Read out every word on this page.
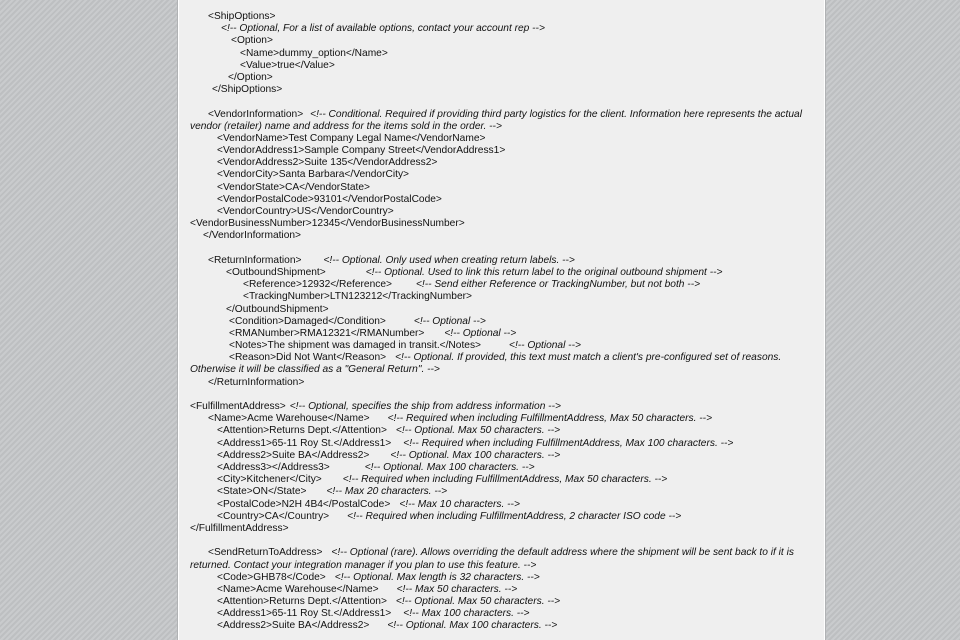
<ShipOptions>
<!-- Optional, For a list of available options, contact your account rep -->
<Option>
<Name>dummy_option</Name>
<Value>true</Value>
</Option>
</ShipOptions>
<VendorInformation> <!-- Conditional. Required if providing third party logistics for the client. Information here represents the actual vendor (retailer) name and address for the items sold in the order. -->
<VendorName>Test Company Legal Name</VendorName>
<VendorAddress1>Sample Company Street</VendorAddress1>
<VendorAddress2>Suite 135</VendorAddress2>
<VendorCity>Santa Barbara</VendorCity>
<VendorState>CA</VendorState>
<VendorPostalCode>93101</VendorPostalCode>
<VendorCountry>US</VendorCountry>
<VendorBusinessNumber>12345</VendorBusinessNumber>
</VendorInformation>
<ReturnInformation> <!-- Optional. Only used when creating return labels. -->
<OutboundShipment>	<!-- Optional. Used to link this return label to the original outbound shipment -->
<Reference>12932</Reference> <!-- Send either Reference or TrackingNumber, but not both -->
<TrackingNumber>LTN123212</TrackingNumber>
</OutboundShipment>
<Condition>Damaged</Condition>	<!-- Optional -->
<RMANumber>RMA12321</RMANumber> <!-- Optional -->
<Notes>The shipment was damaged in transit.</Notes>	<!-- Optional -->
<Reason>Did Not Want</Reason> <!-- Optional. If provided, this text must match a client's pre-configured set of reasons. Otherwise it will be classified as a "General Return". -->
</ReturnInformation>
<FulfillmentAddress> <!-- Optional, specifies the ship from address information -->
<Name>Acme Warehouse</Name> <!-- Required when including FulfillmentAddress, Max 50 characters. -->
<Attention>Returns Dept.</Attention> <!-- Optional. Max 50 characters. -->
<Address1>65-11 Roy St.</Address1> <!-- Required when including FulfillmentAddress, Max 100 characters. -->
<Address2>Suite BA</Address2> <!-- Optional. Max 100 characters. -->
<Address3></Address3>	<!-- Optional. Max 100 characters. -->
<City>Kitchener</City> <!-- Required when including FulfillmentAddress, Max 50 characters. -->
<State>ON</State> <!-- Max 20 characters. -->
<PostalCode>N2H 4B4</PostalCode> <!-- Max 10 characters. -->
<Country>CA</Country> <!-- Required when including FulfillmentAddress, 2 character ISO code -->
</FulfillmentAddress>
<SendReturnToAddress> <!-- Optional (rare). Allows overriding the default address where the shipment will be sent back to if it is returned. Contact your integration manager if you plan to use this feature. -->
<Code>GHB78</Code> <!-- Optional. Max length is 32 characters. -->
<Name>Acme Warehouse</Name> <!-- Max 50 characters. -->
<Attention>Returns Dept.</Attention> <!-- Optional. Max 50 characters. -->
<Address1>65-11 Roy St.</Address1> <!-- Max 100 characters. -->
<Address2>Suite BA</Address2> <!-- Optional. Max 100 characters. -->
